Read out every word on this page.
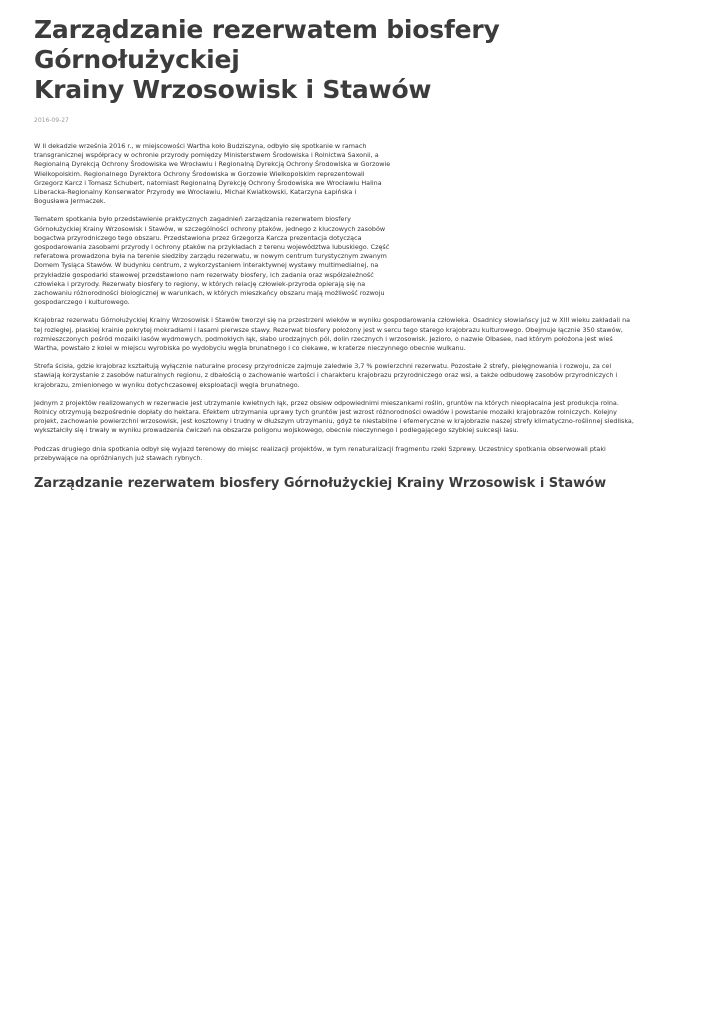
Zarządzanie rezerwatem biosfery Górnołużyckiej
Krainy Wrzosowisk i Stawów
2016-09-27

W II dekadzie września 2016 r., w miejscowości Wartha koło Budziszyna, odbyło się spotkanie w ramach
transgranicznej współpracy w ochronie przyrody pomiędzy Ministerstwem Środowiska i Rolnictwa Saxonii, a
Regionalną Dyrekcją Ochrony Środowiska we Wrocławiu i Regionalną Dyrekcją Ochrony Środowiska w Gorzowie
Wielkopolskim. Regionalnego Dyrektora Ochrony Środowiska w Gorzowie Wielkopolskim reprezentowali
Grzegorz Karcz i Tomasz Schubert, natomiast Regionalną Dyrekcję Ochrony Środowiska we Wrocławiu Halina
Liberacka-Regionalny Konserwator Przyrody we Wrocławiu, Michał Kwiatkowski, Katarzyna Łapińska i
Bogusława Jermaczek.

Tematem spotkania było przedstawienie praktycznych zagadnień zarządzania rezerwatem biosfery
Górnołużyckiej Krainy Wrzosowisk i Stawów, w szczególności ochrony ptaków, jednego z kluczowych zasobów
bogactwa przyrodniczego tego obszaru. Przedstawiona przez Grzegorza Karcza prezentacja dotycząca
gospodarowania zasobami przyrody i ochrony ptaków na przykładach z terenu województwa lubuskiego. Część
referatowa prowadzona była na terenie siedziby zarządu rezerwatu, w nowym centrum turystycznym zwanym
Domem Tysiąca Stawów. W budynku centrum, z wykorzystaniem interaktywnej wystawy multimedialnej, na
przykładzie gospodarki stawowej przedstawiono nam rezerwaty biosfery, ich zadania oraz współzależność
człowieka i przyrody. Rezerwaty biosfery to regiony, w których relację człowiek-przyroda opierają się na
zachowaniu różnorodności biologicznej w warunkach, w których mieszkańcy obszaru mają możliwość rozwoju
gospodarczego i kulturowego.

Krajobraz rezerwatu Górnołużyckiej Krainy Wrzosowisk i Stawów tworzył się na przestrzeni wieków w wyniku gospodarowania człowieka. Osadnicy słowiańscy już w XIII wieku zakładali na
tej rozległej, płaskiej krainie pokrytej mokradłami i lasami pierwsze stawy. Rezerwat biosfery położony jest w sercu tego starego krajobrazu kulturowego. Obejmuje łącznie 350 stawów,
rozmieszczonych pośród mozaiki lasów wydmowych, podmokłych łąk, słabo urodzajnych pól, dolin rzecznych i wrzosowisk. Jezioro, o nazwie Olbasee, nad którym położona jest wieś
Wartha, powstało z kolei w miejscu wyrobiska po wydobyciu węgla brunatnego i co ciekawe, w kraterze nieczynnego obecnie wulkanu.

Strefa ścisła, gdzie krajobraz kształtują wyłącznie naturalne procesy przyrodnicze zajmuje zaledwie 3,7 % powierzchni rezerwatu. Pozostałe 2 strefy, pielęgnowania i rozwoju, za cel
stawiają korzystanie z zasobów naturalnych regionu, z dbałością o zachowanie wartości i charakteru krajobrazu przyrodniczego oraz wsi, a także odbudowę zasobów przyrodniczych i
krajobrazu, zmienionego w wyniku dotychczasowej eksploatacji węgla brunatnego.

Jednym z projektów realizowanych w rezerwacie jest utrzymanie kwietnych łąk, przez obsiew odpowiednimi mieszankami roślin, gruntów na których nieopłacalna jest produkcja rolna.
Rolnicy otrzymują bezpośrednie dopłaty do hektara. Efektem utrzymania uprawy tych gruntów jest wzrost różnorodności owadów i powstanie mozaiki krajobrazów rolniczych. Kolejny
projekt, zachowanie powierzchni wrzosowisk, jest kosztowny i trudny w dłuższym utrzymaniu, gdyż te niestabilne i efemeryczne w krajobrazie naszej strefy klimatyczno-roślinnej siedliska,
wykształciły się i trwały w wyniku prowadzenia ćwiczeń na obszarze poligonu wojskowego, obecnie nieczynnego i podlegającego szybkiej sukcesji lasu.

Podczas drugiego dnia spotkania odbył się wyjazd terenowy do miejsc realizacji projektów, w tym renaturalizacji fragmentu rzeki Szprewy. Uczestnicy spotkania obserwowali ptaki
przebywające na opróżnianych już stawach rybnych.

Zarządzanie rezerwatem biosfery Górnołużyckiej Krainy Wrzosowisk i Stawów
